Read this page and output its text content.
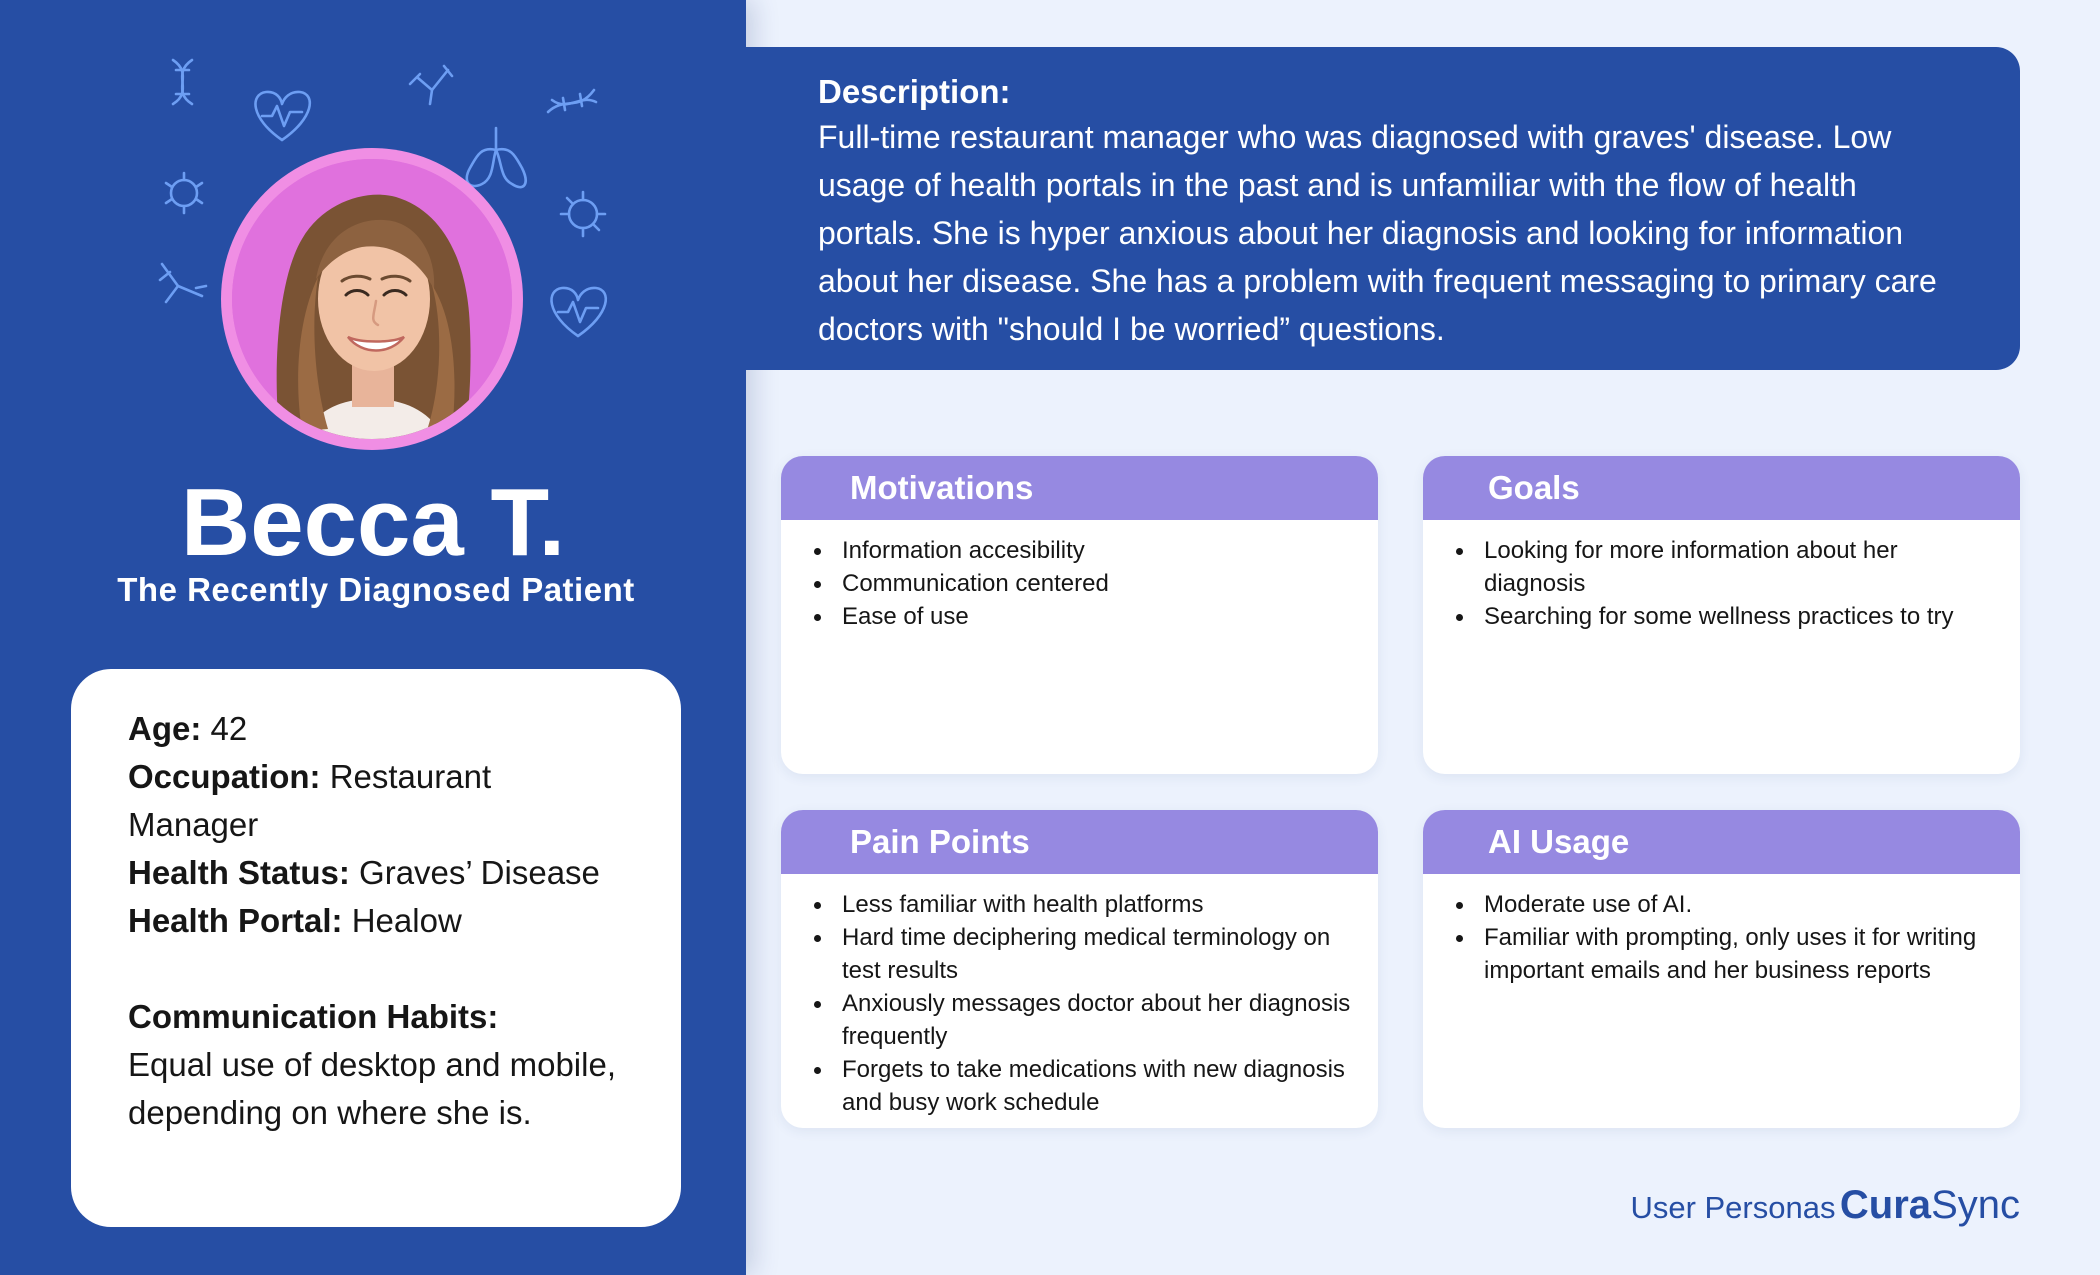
Becca T.
The Recently Diagnosed Patient
Age: 42
Occupation: Restaurant
Manager
Health Status: Graves’ Disease
Health Portal: Healow
Communication Habits:
Equal use of desktop and mobile,
depending on where she is.
Description:
Full-time restaurant manager who was diagnosed with graves' disease. Low
usage of health portals in the past and is unfamiliar with the flow of health
portals. She is hyper anxious about her diagnosis and looking for information
about her disease. She has a problem with frequent messaging to primary care
doctors with "should I be worried” questions.
Motivations
Information accesibility
Communication centered
Ease of use
Goals
Looking for more information about her
diagnosis
Searching for some wellness practices to try
Pain Points
Less familiar with health platforms
Hard time deciphering medical terminology on
test results
Anxiously messages doctor about her diagnosis
frequently
Forgets to take medications with new diagnosis
and busy work schedule
AI Usage
Moderate use of AI.
Familiar with prompting, only uses it for writing
important emails and her business reports
User Personas CuraSync
